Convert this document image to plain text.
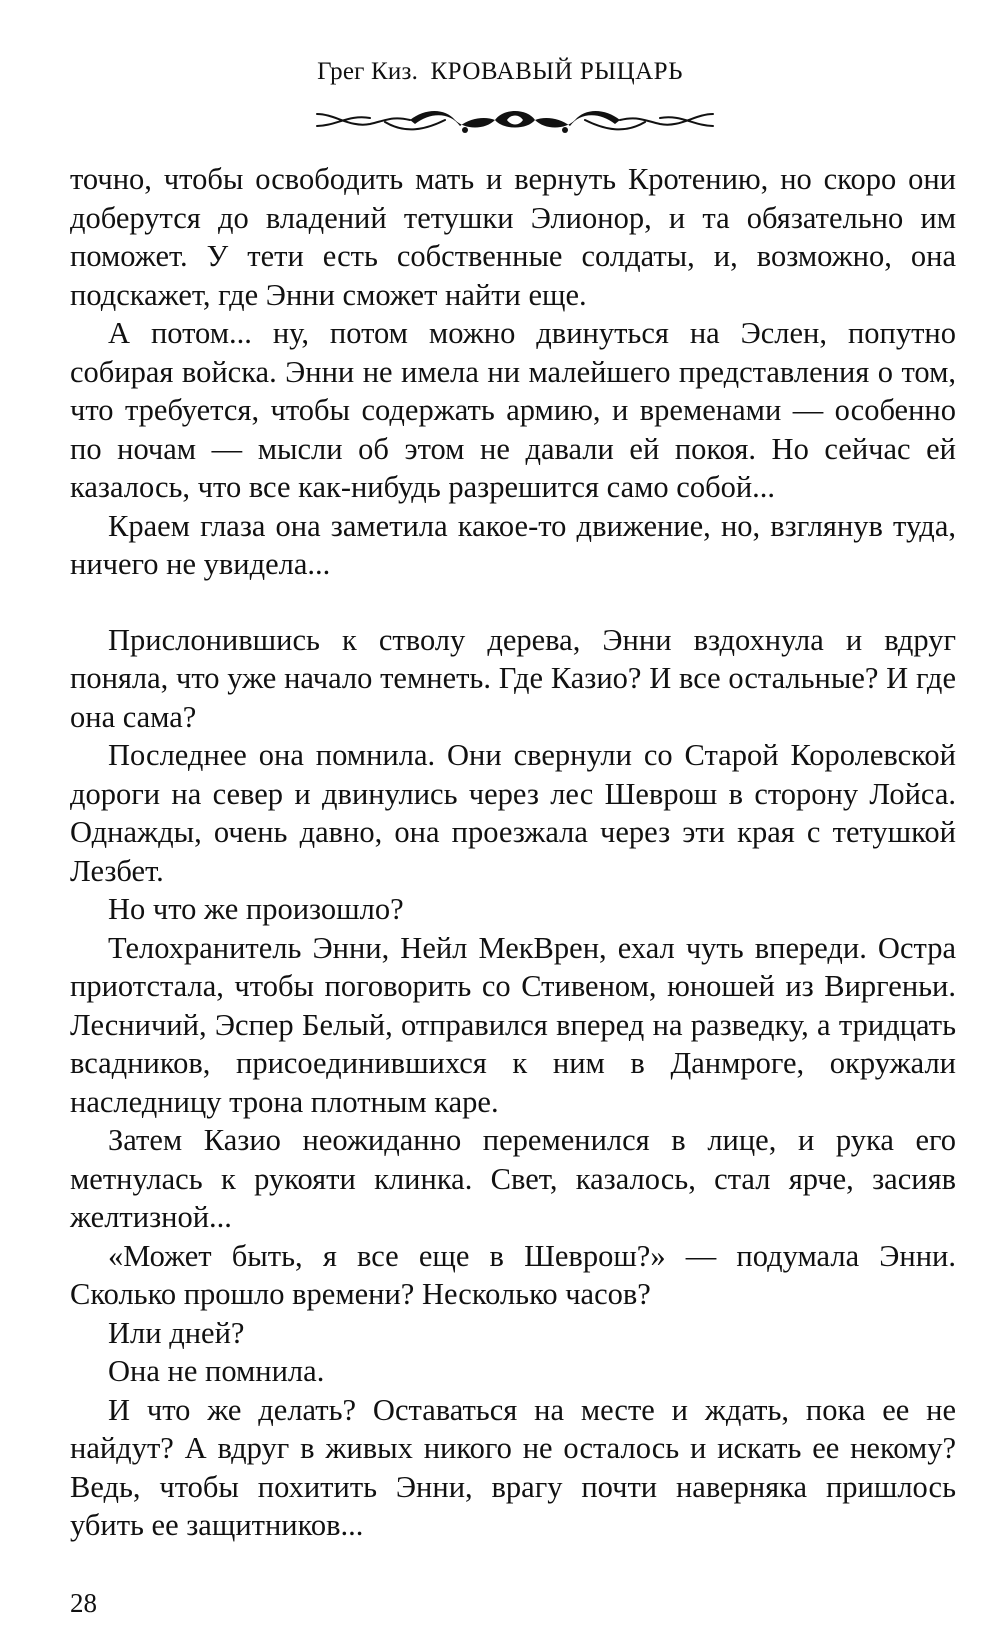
Грег Киз. КРОВАВЫЙ РЫЦАРЬ

точно, чтобы освободить мать и вернуть Кротению, но скоро они доберутся до владений тетушки Элионор, и та обязательно им поможет. У тети есть собственные солдаты, и, возможно, она подскажет, где Энни сможет найти еще.

А потом... ну, потом можно двинуться на Эслен, попутно собирая войска. Энни не имела ни малейшего представления о том, что требуется, чтобы содержать армию, и временами — особенно по ночам — мысли об этом не давали ей покоя. Но сейчас ей казалось, что все как-нибудь разрешится само собой...

Краем глаза она заметила какое-то движение, но, взглянув туда, ничего не увидела...

Прислонившись к стволу дерева, Энни вздохнула и вдруг поняла, что уже начало темнеть. Где Казио? И все остальные? И где она сама?

Последнее она помнила. Они свернули со Старой Королевской дороги на север и двинулись через лес Шеврош в сторону Лойса. Однажды, очень давно, она проезжала через эти края с тетушкой Лезбет.

Но что же произошло?

Телохранитель Энни, Нейл МекВрен, ехал чуть впереди. Остра приотстала, чтобы поговорить со Стивеном, юношей из Виргеньи. Лесничий, Эспер Белый, отправился вперед на разведку, а тридцать всадников, присоединившихся к ним в Данмроге, окружали наследницу трона плотным каре.

Затем Казио неожиданно переменился в лице, и рука его метнулась к рукояти клинка. Свет, казалось, стал ярче, засияв желтизной...

«Может быть, я все еще в Шеврош?» — подумала Энни. Сколько прошло времени? Несколько часов?

Или дней?

Она не помнила.

И что же делать? Оставаться на месте и ждать, пока ее не найдут? А вдруг в живых никого не осталось и искать ее некому? Ведь, чтобы похитить Энни, врагу почти наверняка пришлось убить ее защитников...

28
